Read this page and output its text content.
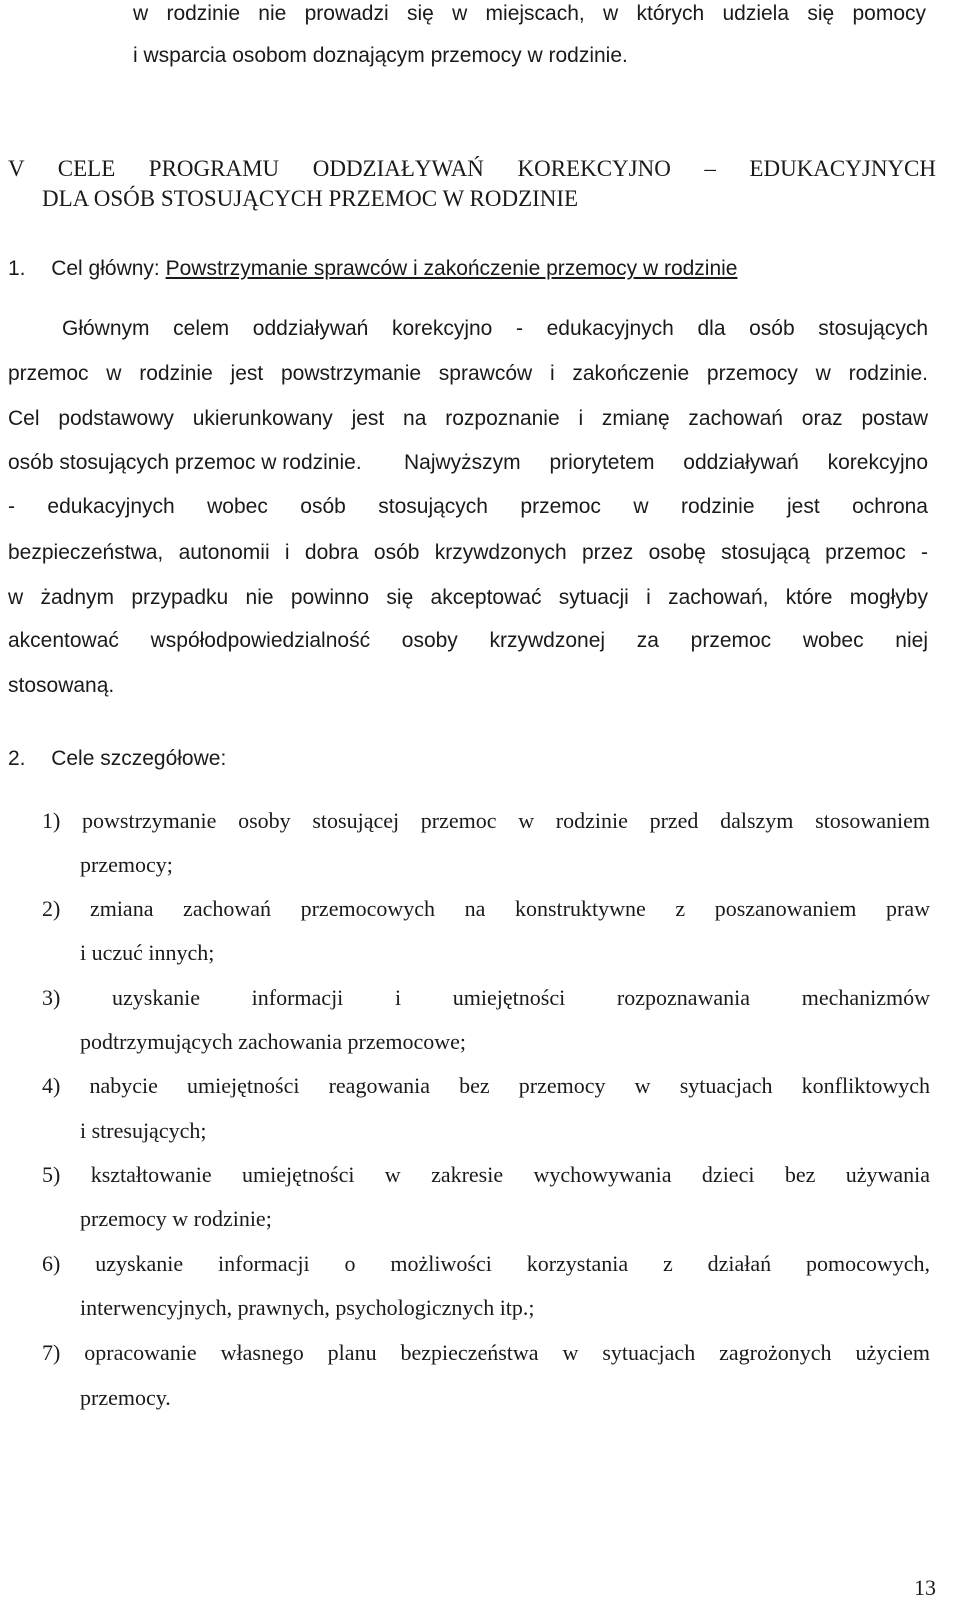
w rodzinie nie prowadzi się w miejscach, w których udziela się pomocy
i wsparcia osobom doznającym przemocy w rodzinie.
V CELE PROGRAMU ODDZIAŁYWAŃ KOREKCYJNO – EDUKACYJNYCH
DLA OSÓB STOSUJĄCYCH PRZEMOC W RODZINIE
1. Cel główny: Powstrzymanie sprawców i zakończenie przemocy w rodzinie
Głównym celem oddziaływań korekcyjno - edukacyjnych dla osób stosujących
przemoc w rodzinie jest powstrzymanie sprawców i zakończenie przemocy w rodzinie.
Cel podstawowy ukierunkowany jest na rozpoznanie i zmianę zachowań oraz postaw
osób stosujących przemoc w rodzinie.	Najwyższym priorytetem oddziaływań korekcyjno
- edukacyjnych wobec osób stosujących przemoc w rodzinie jest ochrona
bezpieczeństwa, autonomii i dobra osób krzywdzonych przez osobę stosującą przemoc -
w żadnym przypadku nie powinno się akceptować sytuacji i zachowań, które mogłyby
akcentować współodpowiedzialność osoby krzywdzonej za przemoc wobec niej
stosowaną.
2. Cele szczegółowe:
1) powstrzymanie osoby stosującej przemoc w rodzinie przed dalszym stosowaniem
przemocy;
2) zmiana zachowań przemocowych na konstruktywne z poszanowaniem praw
i uczuć innych;
3) uzyskanie informacji i umiejętności rozpoznawania mechanizmów
podtrzymujących zachowania przemocowe;
4) nabycie umiejętności reagowania bez przemocy w sytuacjach konfliktowych
i stresujących;
5) kształtowanie umiejętności w zakresie wychowywania dzieci bez używania
przemocy w rodzinie;
6) uzyskanie informacji o możliwości korzystania z działań pomocowych,
interwencyjnych, prawnych, psychologicznych itp.;
7) opracowanie własnego planu bezpieczeństwa w sytuacjach zagrożonych użyciem
przemocy.
13
